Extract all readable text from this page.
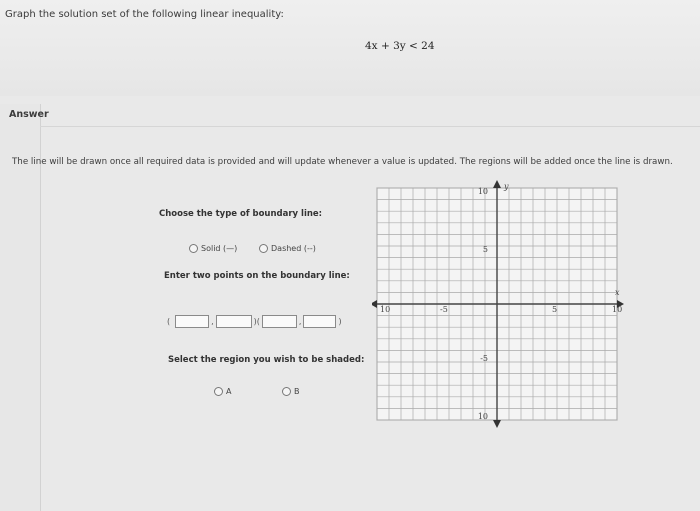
Graph the solution set of the following linear inequality:
4x + 3y < 24
Answer
The line will be drawn once all required data is provided and will update whenever a value is updated. The regions will be added once the line is drawn.
Choose the type of boundary line:
Solid (—)	Dashed (--)
Enter two points on the boundary line:
(	,	)(	,	)
Select the region you wish to be shaded:
A	B
x
y
10	-5	5	10
10
5
-5
10
